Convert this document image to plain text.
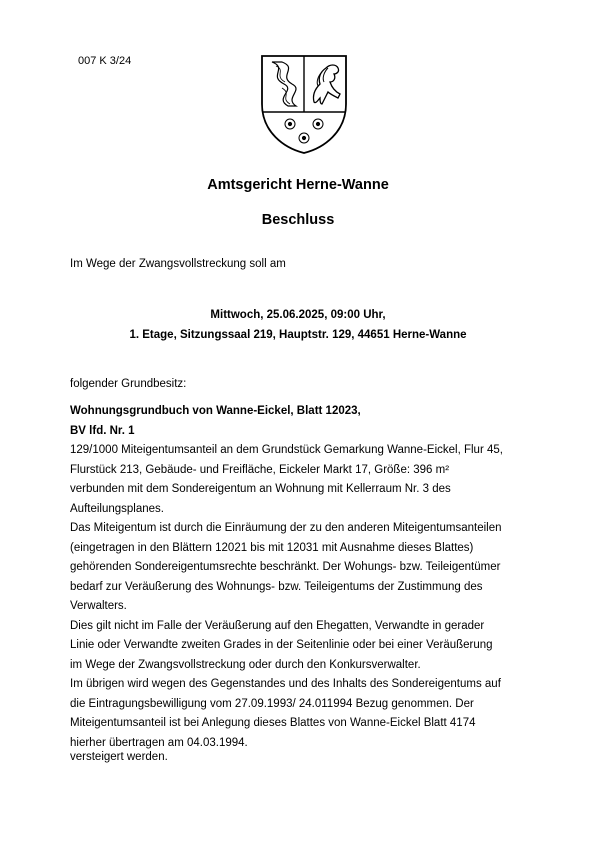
007 K 3/24
Amtsgericht Herne-Wanne
Beschluss
Im Wege der Zwangsvollstreckung soll am
Mittwoch, 25.06.2025, 09:00 Uhr,
1. Etage, Sitzungssaal 219, Hauptstr. 129, 44651 Herne-Wanne
folgender Grundbesitz:

Wohnungsgrundbuch von Wanne-Eickel, Blatt 12023,

BV lfd. Nr. 1

129/1000 Miteigentumsanteil an dem Grundstück Gemarkung Wanne-Eickel, Flur 45,

Flurstück 213, Gebäude- und Freifläche, Eickeler Markt 17, Größe: 396 m²

verbunden mit dem Sondereigentum an Wohnung mit Kellerraum Nr. 3 des

Aufteilungsplanes.

Das Miteigentum ist durch die Einräumung der zu den anderen Miteigentumsanteilen

(eingetragen in den Blättern 12021 bis mit 12031 mit Ausnahme dieses Blattes)

gehörenden Sondereigentumsrechte beschränkt. Der Wohungs- bzw. Teileigentümer

bedarf zur Veräußerung des Wohnungs- bzw. Teileigentums der Zustimmung des

Verwalters.

Dies gilt nicht im Falle der Veräußerung auf den Ehegatten, Verwandte in gerader

Linie oder Verwandte zweiten Grades in der Seitenlinie oder bei einer Veräußerung

im Wege der Zwangsvollstreckung oder durch den Konkursverwalter.

Im übrigen wird wegen des Gegenstandes und des Inhalts des Sondereigentums auf

die Eintragungsbewilligung vom 27.09.1993/ 24.011994 Bezug genommen. Der

Miteigentumsanteil ist bei Anlegung dieses Blattes von Wanne-Eickel Blatt 4174

hierher übertragen am 04.03.1994.

versteigert werden.
